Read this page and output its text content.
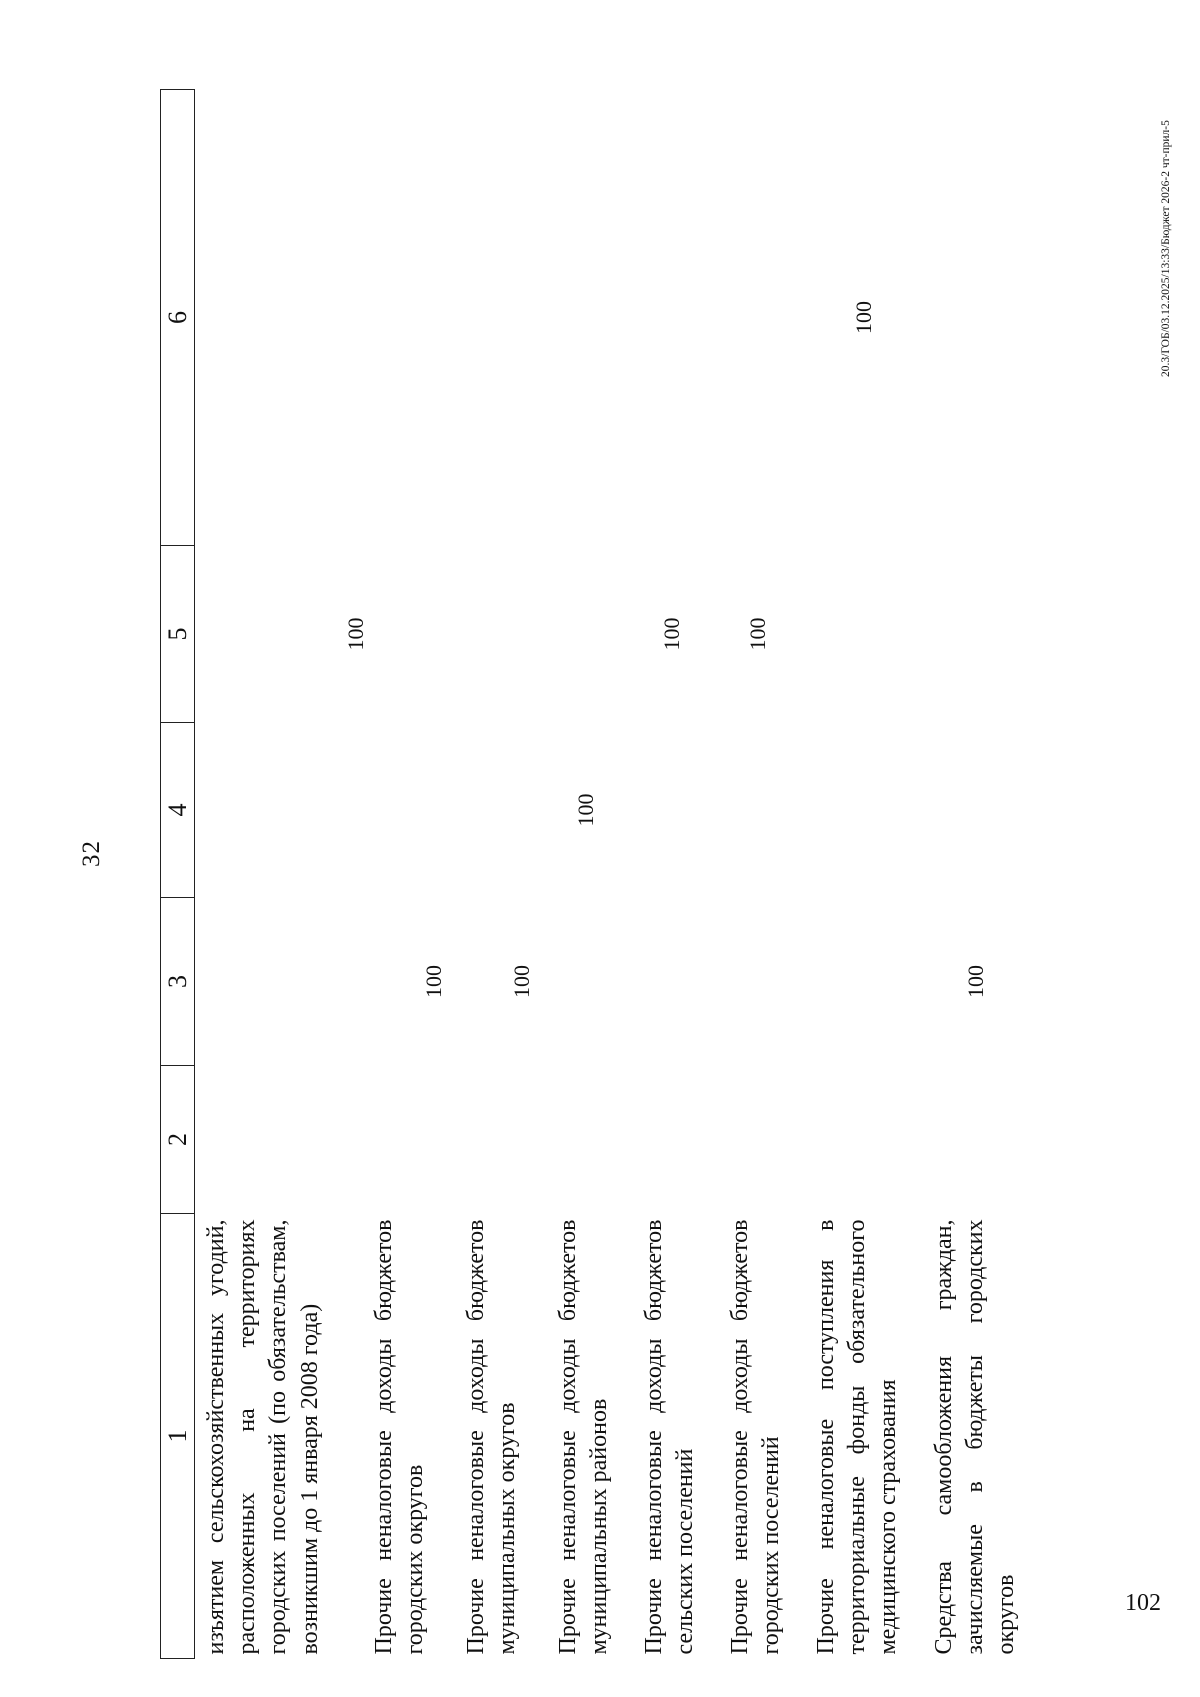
32
1	2	3	4	5	6
изъятием сельскохозяйственных угодий, расположенных на территориях городских поселений (по обязательствам, возникшим до 1 января 2008 года)				100	
Прочие неналоговые доходы бюджетов городских округов		100			
Прочие неналоговые доходы бюджетов муниципальных округов		100			
Прочие неналоговые доходы бюджетов муниципальных районов			100		
Прочие неналоговые доходы бюджетов сельских поселений				100	
Прочие неналоговые доходы бюджетов городских поселений				100	
Прочие неналоговые поступления в территориальные фонды обязательного медицинского страхования					100
Средства самообложения граждан, зачисляемые в бюджеты городских округов		100			
20.3/ГОБ/03.12.2025/13:33/Бюджет 2026-2 чт-прил-5
102
